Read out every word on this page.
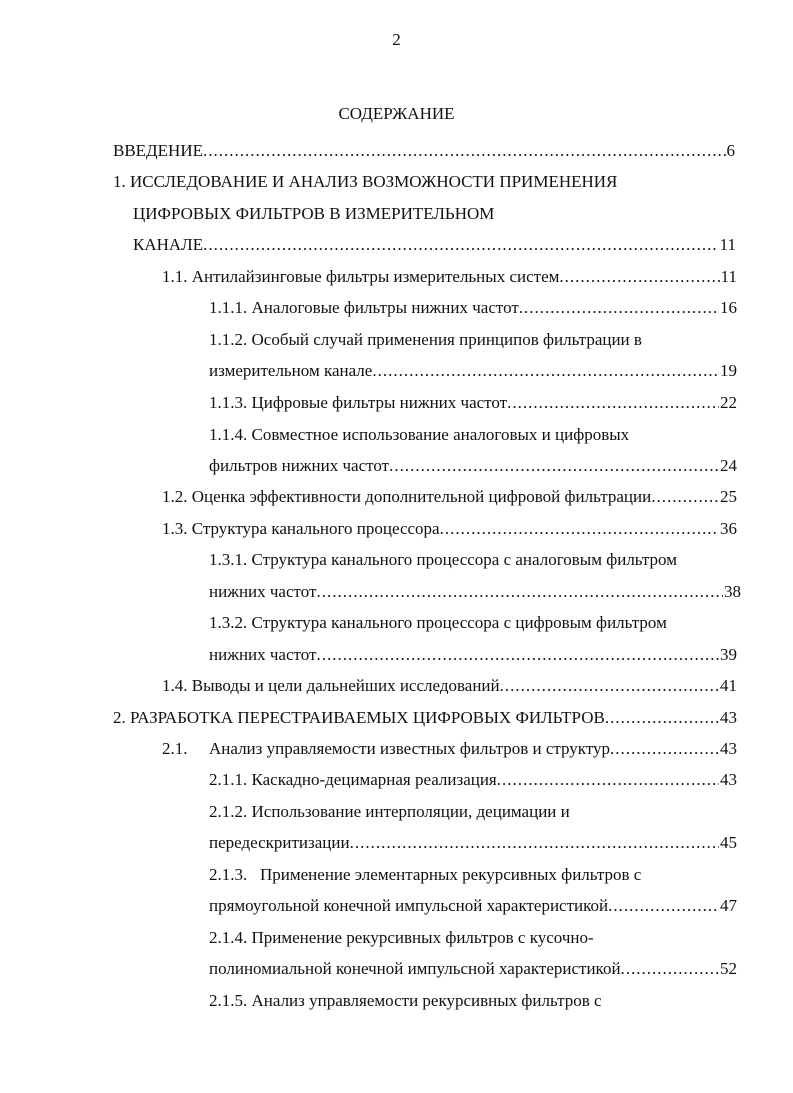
2
СОДЕРЖАНИЕ
ВВЕДЕНИЕ .....	6
1. ИССЛЕДОВАНИЕ И АНАЛИЗ ВОЗМОЖНОСТИ ПРИМЕНЕНИЯ
ЦИФРОВЫХ ФИЛЬТРОВ В ИЗМЕРИТЕЛЬНОМ
КАНАЛЕ .....	11
1.1. Антилайзинговые фильтры измерительных систем .....	11
1.1.1. Аналоговые фильтры нижних частот .....	16
1.1.2. Особый случай применения принципов фильтрации в
измерительном канале .....	19
1.1.3. Цифровые фильтры нижних частот .....	22
1.1.4. Совместное использование аналоговых и цифровых
фильтров нижних частот .....	24
1.2. Оценка эффективности дополнительной цифровой фильтрации .....	25
1.3. Структура канального процессора .....	36
1.3.1. Структура канального процессора с аналоговым фильтром
нижних частот .....	38
1.3.2. Структура канального процессора с цифровым фильтром
нижних частот .....	39
1.4. Выводы и цели дальнейших исследований .....	41
2. РАЗРАБОТКА ПЕРЕСТРАИВАЕМЫХ ЦИФРОВЫХ ФИЛЬТРОВ .....	43
2.1. Анализ управляемости известных фильтров и структур .....	43
2.1.1. Каскадно-децимарная реализация .....	43
2.1.2. Использование интерполяции, децимации и
передескритизации .....	45
2.1.3.   Применение элементарных рекурсивных фильтров с
прямоугольной конечной импульсной характеристикой .....	47
2.1.4. Применение рекурсивных фильтров с кусочно-
полиномиальной конечной импульсной характеристикой .....	52
2.1.5. Анализ управляемости рекурсивных фильтров с
